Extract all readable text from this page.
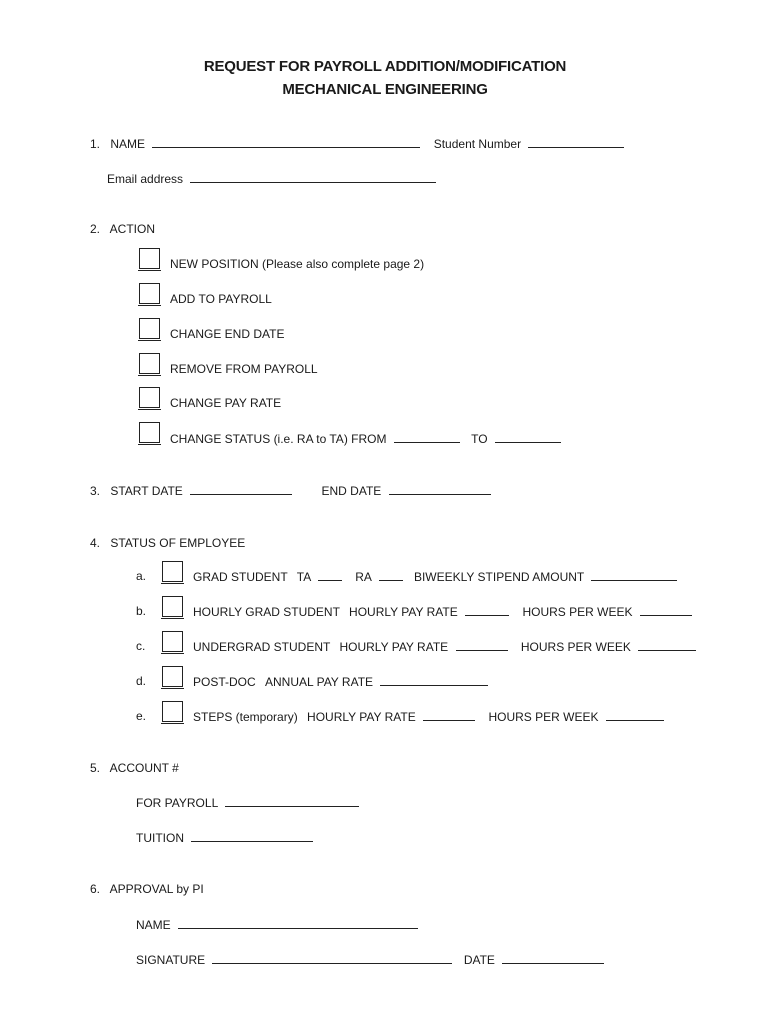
REQUEST FOR PAYROLL ADDITION/MODIFICATION
MECHANICAL ENGINEERING
1. NAME	Student Number
Email address
2. ACTION
NEW POSITION (Please also complete page 2)
ADD TO PAYROLL
CHANGE END DATE
REMOVE FROM PAYROLL
CHANGE PAY RATE
CHANGE STATUS (i.e. RA to TA) FROM	TO
3. START DATE	END DATE
4. STATUS OF EMPLOYEE
a.	GRAD STUDENT TA	RA	BIWEEKLY STIPEND AMOUNT
b.	HOURLY GRAD STUDENT HOURLY PAY RATE	HOURS PER WEEK
c.	UNDERGRAD STUDENT HOURLY PAY RATE	HOURS PER WEEK
d.	POST-DOC ANNUAL PAY RATE
e.	STEPS (temporary) HOURLY PAY RATE	HOURS PER WEEK
5. ACCOUNT #
FOR PAYROLL
TUITION
6. APPROVAL by PI
NAME
SIGNATURE	DATE
